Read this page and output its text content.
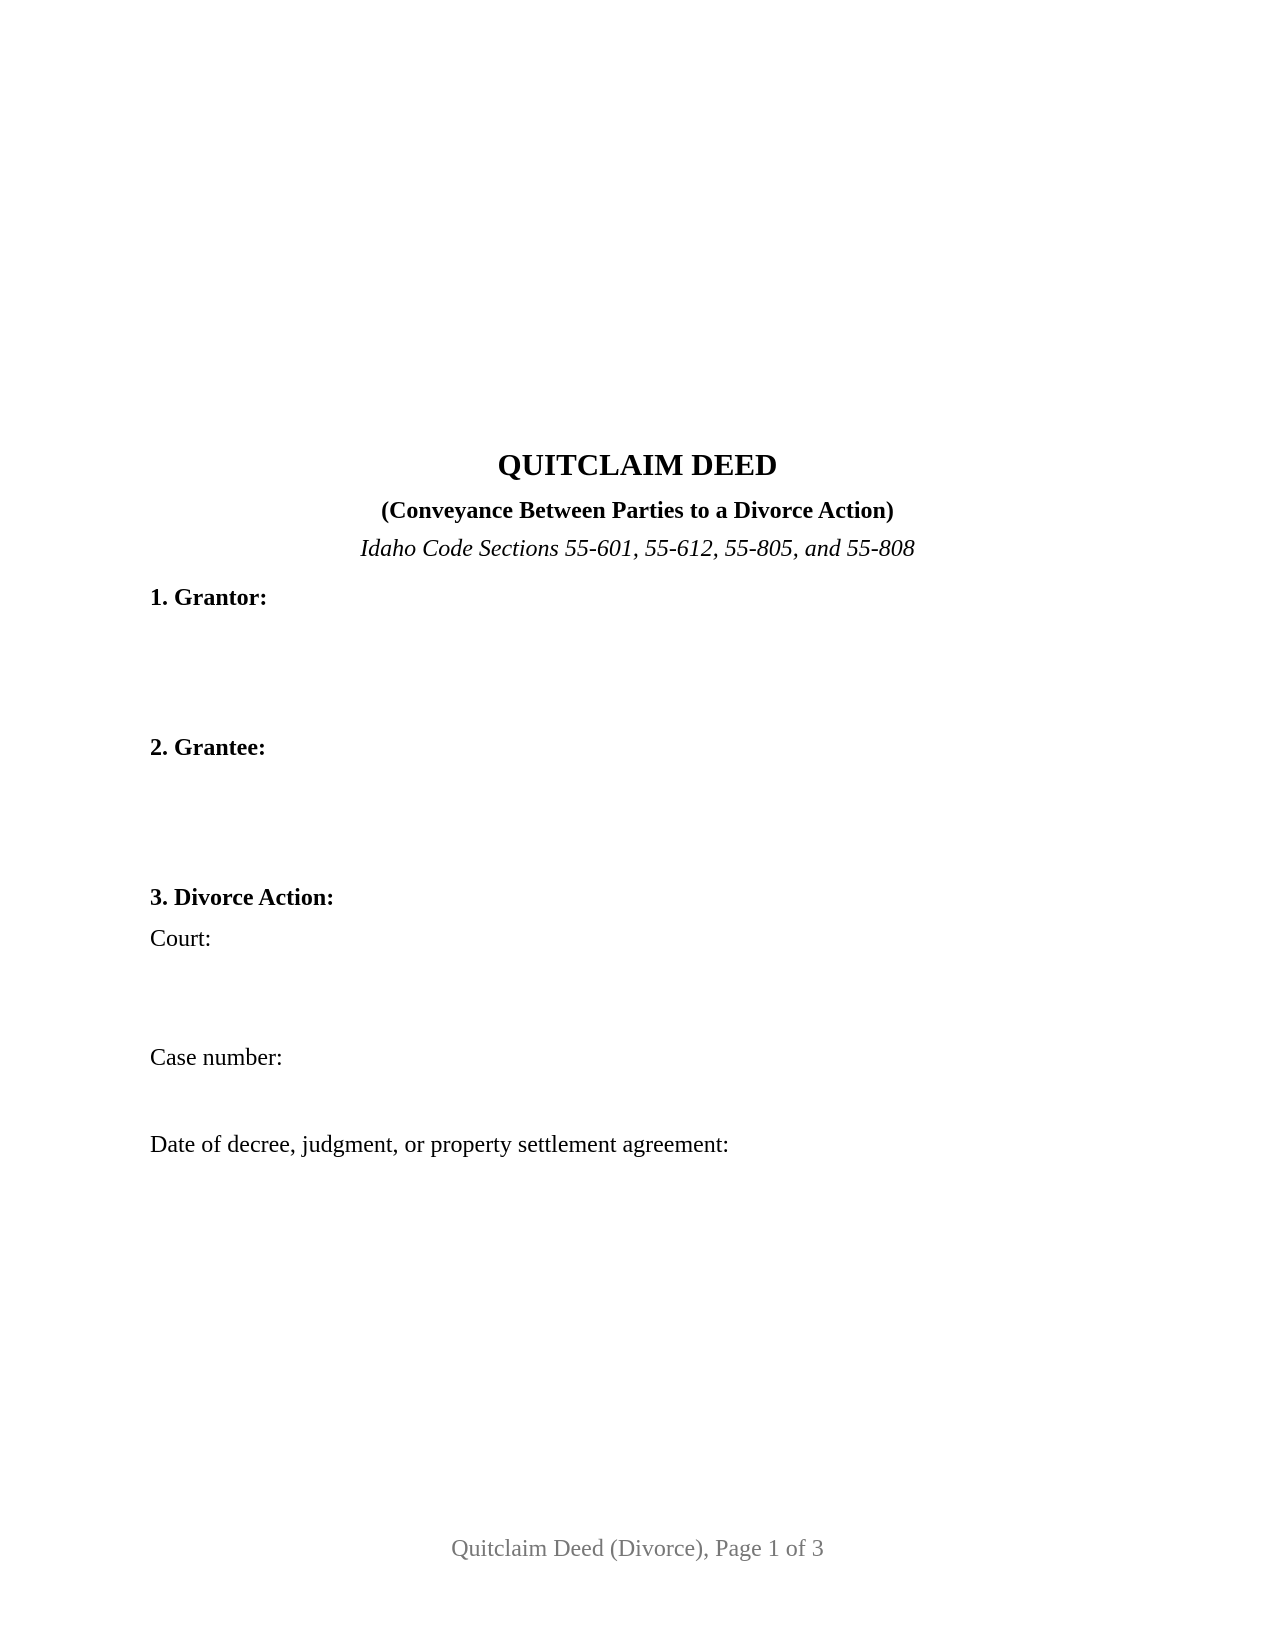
QUITCLAIM DEED
(Conveyance Between Parties to a Divorce Action)
Idaho Code Sections 55-601, 55-612, 55-805, and 55-808
1. Grantor:
2. Grantee:
3. Divorce Action:
Court:
Case number:
Date of decree, judgment, or property settlement agreement:
Quitclaim Deed (Divorce), Page 1 of 3
